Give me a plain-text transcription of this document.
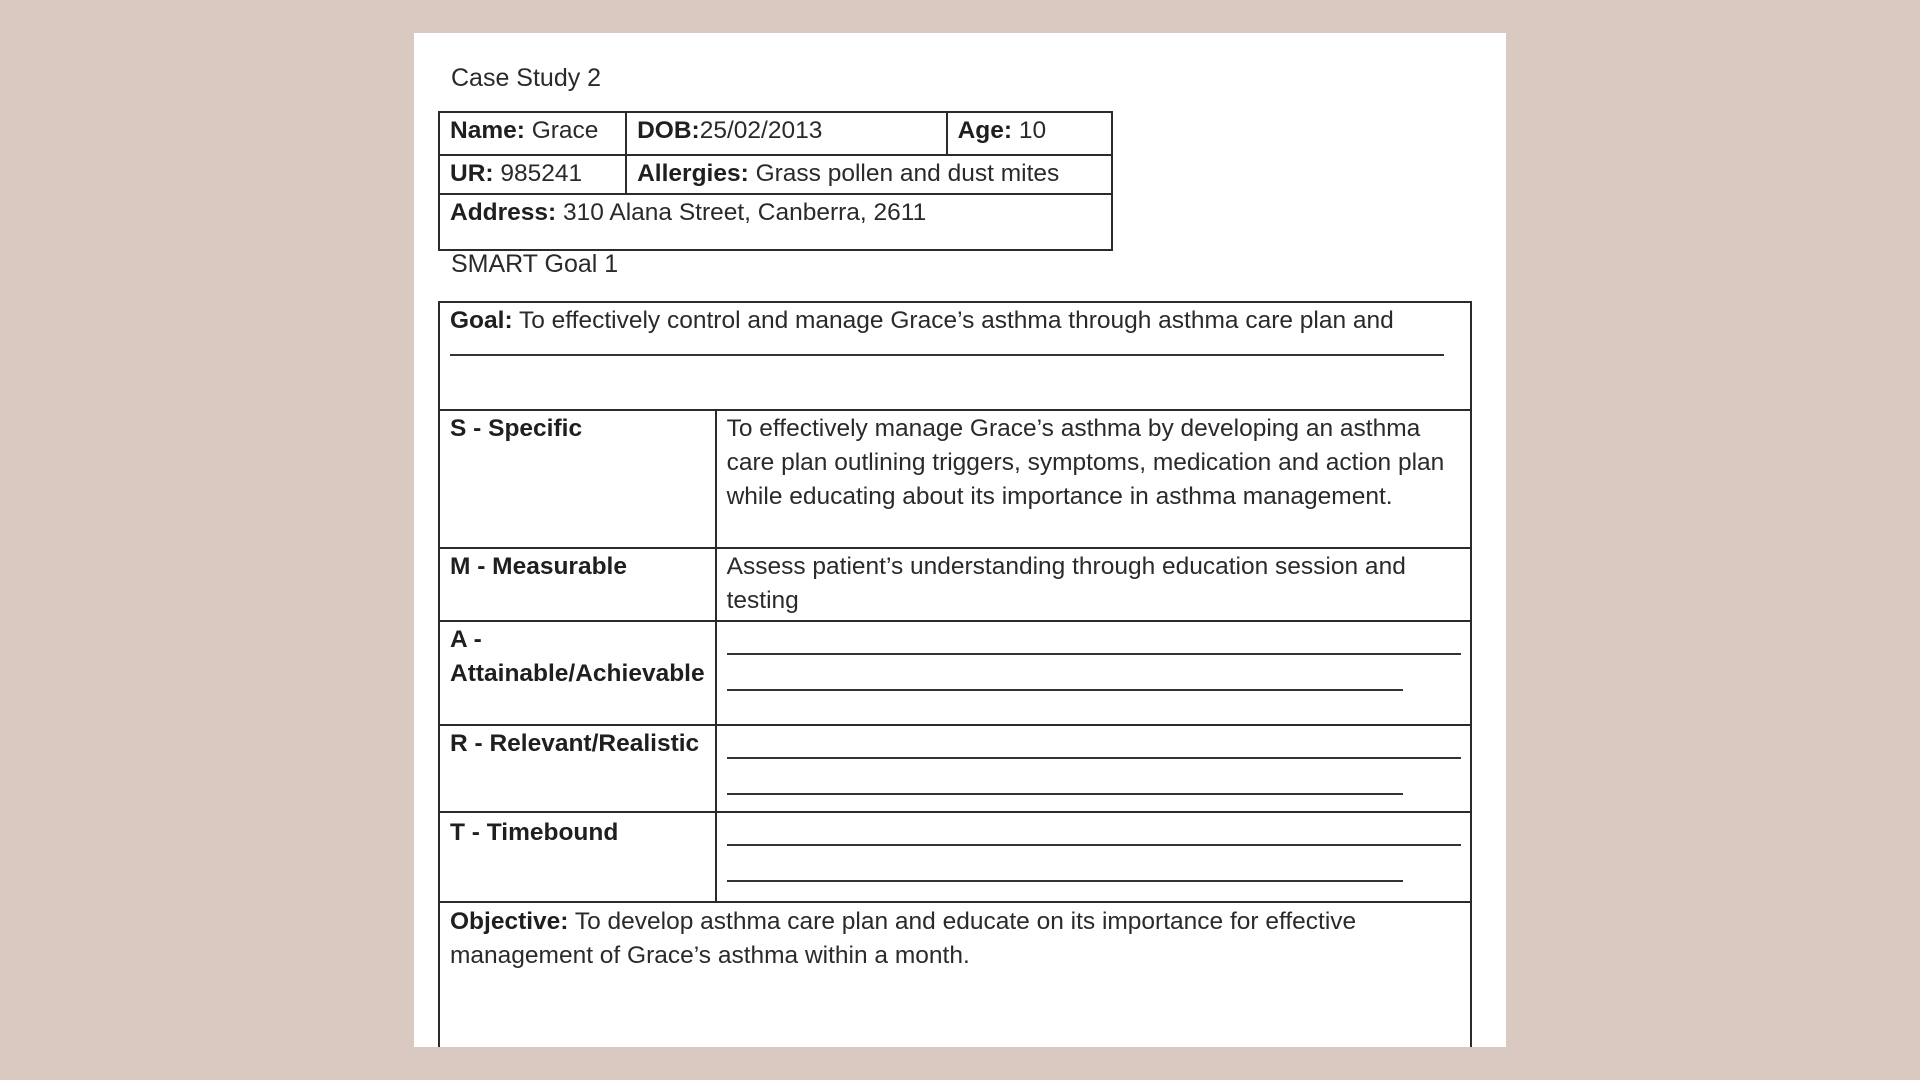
Case Study 2
Name: Grace	DOB:25/02/2013	Age: 10
UR: 985241	Allergies: Grass pollen and dust mites	
Address: 310 Alana Street, Canberra, 2611		
SMART Goal 1
Goal: To effectively control and manage Grace’s asthma through asthma care plan and	

S - Specific	To effectively manage Grace’s asthma by developing an asthma care plan outlining triggers, symptoms, medication and action plan while educating about its importance in asthma management.
M - Measurable	Assess patient’s understanding through education session and testing
A - Attainable/Achievable	

R - Relevant/Realistic	

T - Timebound	

Objective: To develop asthma care plan and educate on its importance for effective management of Grace’s asthma within a month.	
